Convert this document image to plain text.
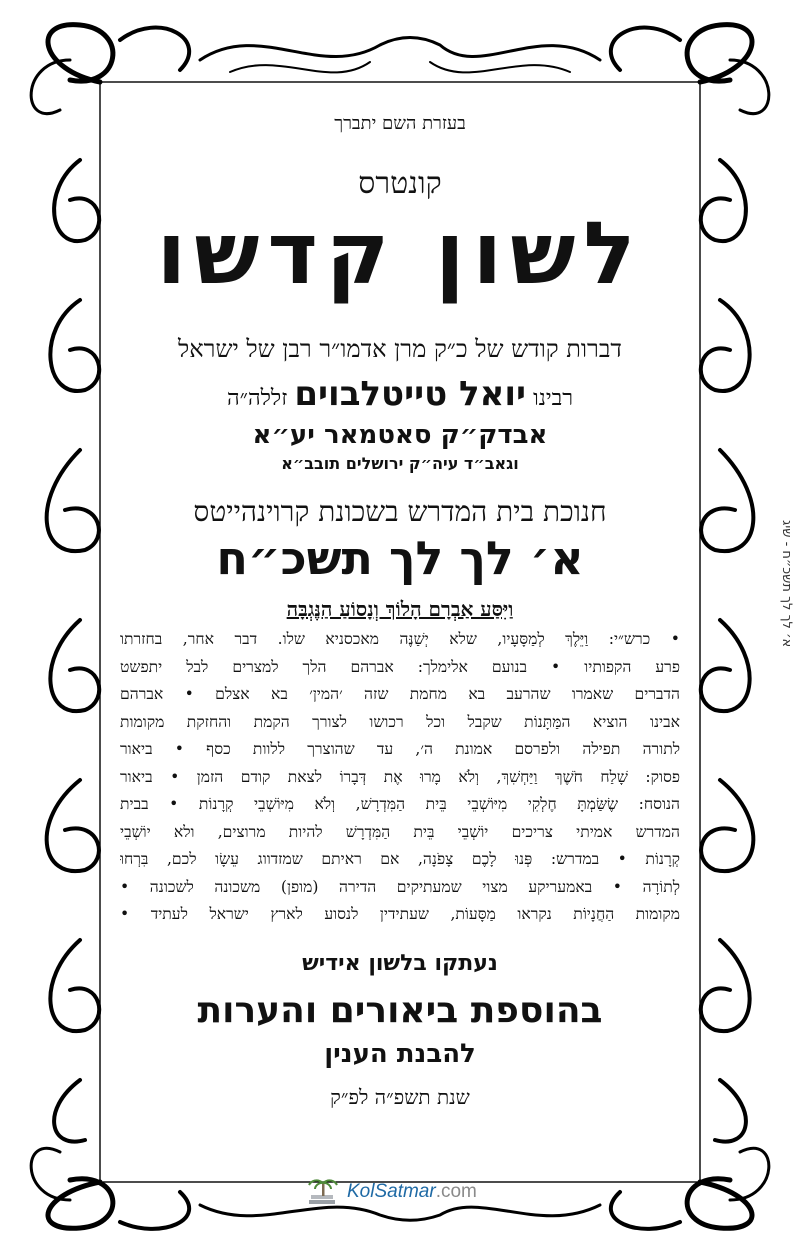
בעזרת השם יתברך
קונטרס
לשון קדשו
דברות קודש של כ״ק מרן אדמו״ר רבן של ישראל
רבינו יואל טייטלבוים זללה״ה
אבדק״ק סאטמאר יע״א
וגאב״ד עיה״ק ירושלים תובב״א
חנוכת בית המדרש בשכונת קרוינהייטס
א׳ לך לך תשכ״ח
וַיִּסַּע אַבְרָם הָלוֹךְ וְנָסוֹעַ הַנֶּגְבָּה
• כרש״י: וַיֵּלֶךְ לְמַסָּעָיו, שלא יְשַׁנֶּה מאכסניא שלו. דבר אחר, בחזרתו
פרע הקפותיו • בנועם אלימלך: אברהם הלך למצרים לבל יתפשט
הדברים שאמרו שהרעב בא מחמת שזה ׳המין׳ בא אצלם • אברהם
אבינו הוציא המַּתָּנוֹת שקבל וכל רכושו לצורך הקמת והחזקת מקומות
לתורה תפילה ולפרסם אמונת ה׳, עד שהוצרך ללוות כסף • ביאור
פסוק: שָׁלַח חֹשֶׁךְ וַיַּחְשִׁךְ, וְלֹא מָרוּ אֶת דְּבָרוֹ לצאת קודם הזמן • ביאור
הנוסח: שֶׂשַּׂמְתָּ חֶלְקִי מִיּוֹשְׁבֵי בֵּית הַמִּדְרָשׁ, וְלֹא מִיּוֹשְׁבֵי קְרָנוֹת • בבית
המדרש אמיתי צריכים יוֹשְׁבֵי בֵּית הַמִּדְרָשׁ להיות מרוצים, ולא יוֹשְׁבֵי
קְרָנוֹת • במדרש: פְּנוּ לָכֶם צָפֹנָה, אם ראיתם שמזדווג עֵשָׂו לכם, בִּרְחוּ
לְתוֹרָה • באמעריקע מצוי שמעתיקים הדירה (מופן) משכונה לשכונה •
מקומות הַחֲנָיוֹת נקראו מַסָּעוֹת, שעתידין לנסוע לארץ ישראל לעתיד •
נעתקו בלשון אידיש
בהוספת ביאורים והערות
להבנת הענין
שנת תשפ״ה לפ״ק
א׳ לך לך תשכ״ח - שיג
KolSatmar.com
